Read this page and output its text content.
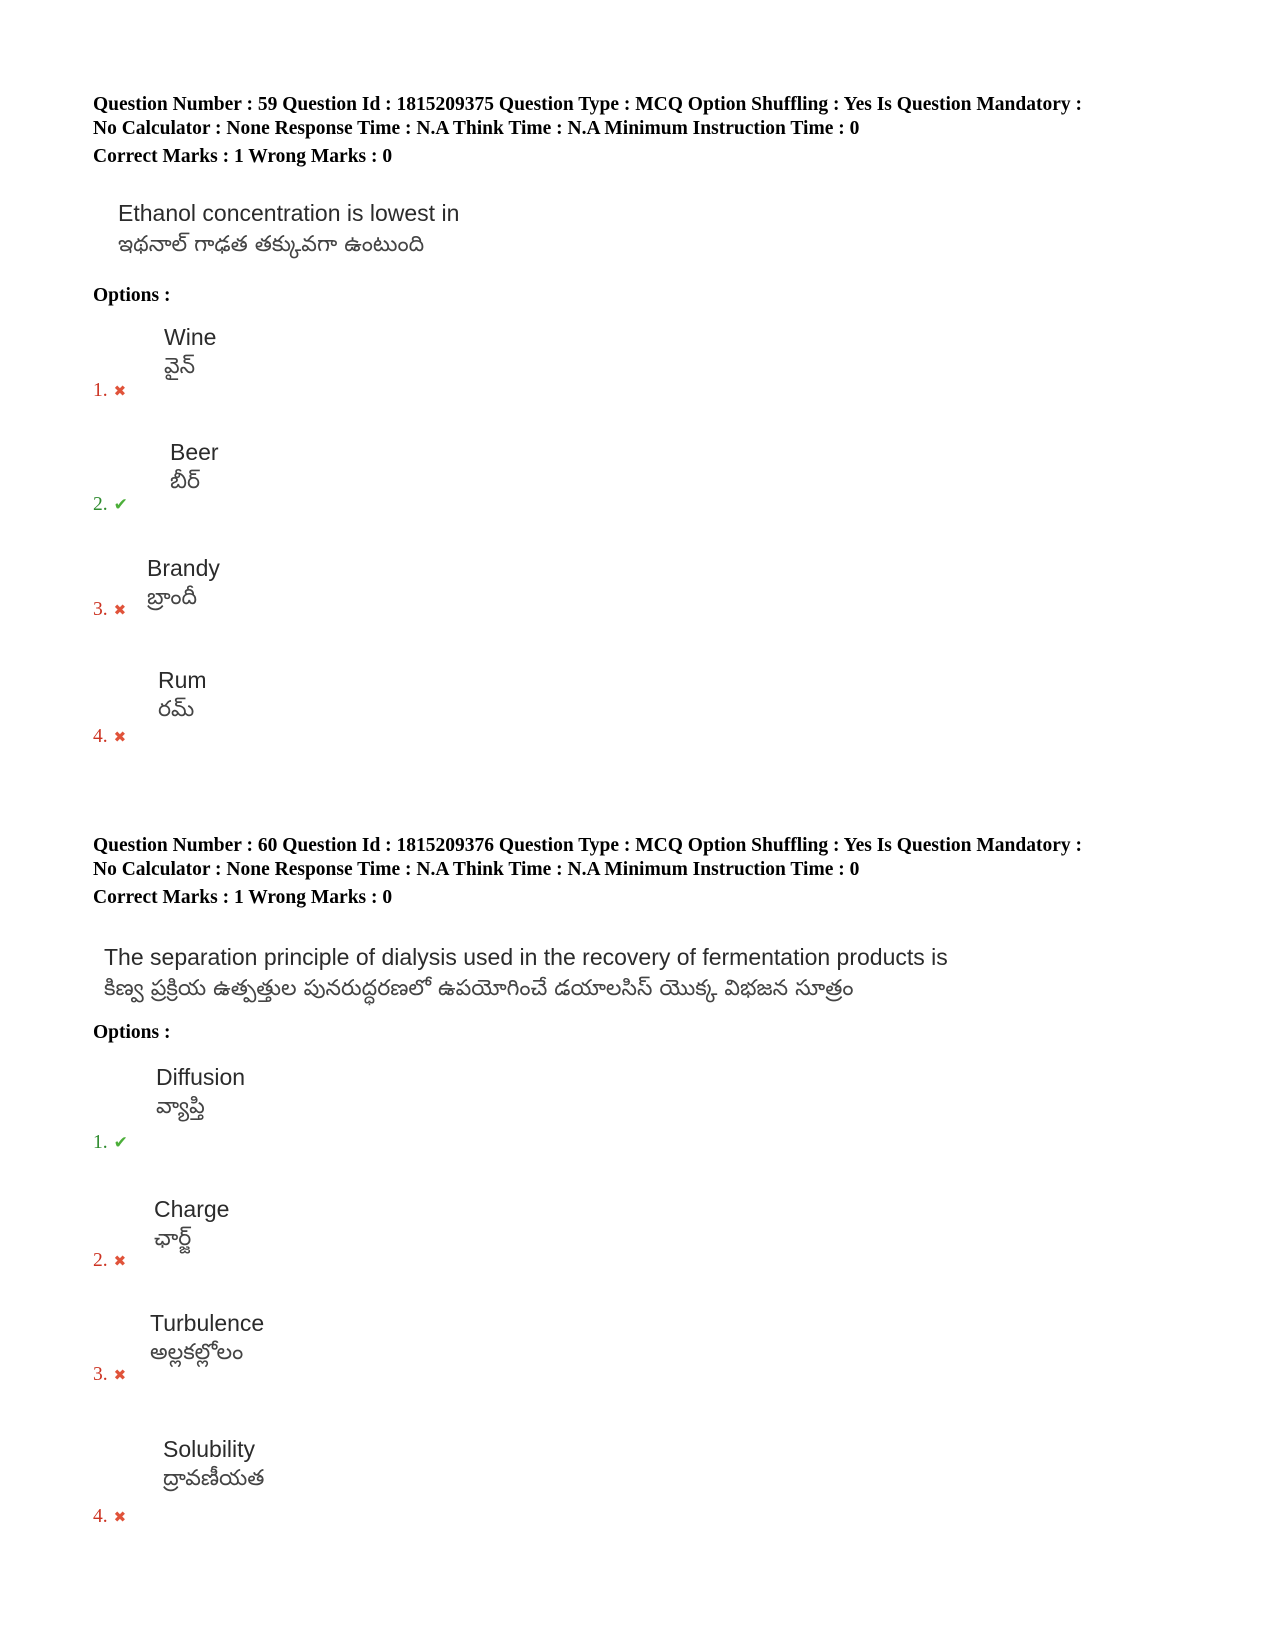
Question Number : 59 Question Id : 1815209375 Question Type : MCQ Option Shuffling : Yes Is Question Mandatory :
No Calculator : None Response Time : N.A Think Time : N.A Minimum Instruction Time : 0
Correct Marks : 1 Wrong Marks : 0
Ethanol concentration is lowest in
ఇథనాల్ గాఢత తక్కువగా ఉంటుంది
Options :
Wine
వైన్
1. ✖
Beer
బీర్
2. ✔
Brandy
బ్రాందీ
3. ✖
Rum
రమ్
4. ✖
Question Number : 60 Question Id : 1815209376 Question Type : MCQ Option Shuffling : Yes Is Question Mandatory :
No Calculator : None Response Time : N.A Think Time : N.A Minimum Instruction Time : 0
Correct Marks : 1 Wrong Marks : 0
The separation principle of dialysis used in the recovery of fermentation products is
కిణ్వ ప్రక్రియ ఉత్పత్తుల పునరుద్ధరణలో ఉపయోగించే డయాలసిస్ యొక్క విభజన సూత్రం
Options :
Diffusion
వ్యాప్తి
1. ✔
Charge
ఛార్జ్
2. ✖
Turbulence
అల్లకల్లోలం
3. ✖
Solubility
ద్రావణీయత
4. ✖
